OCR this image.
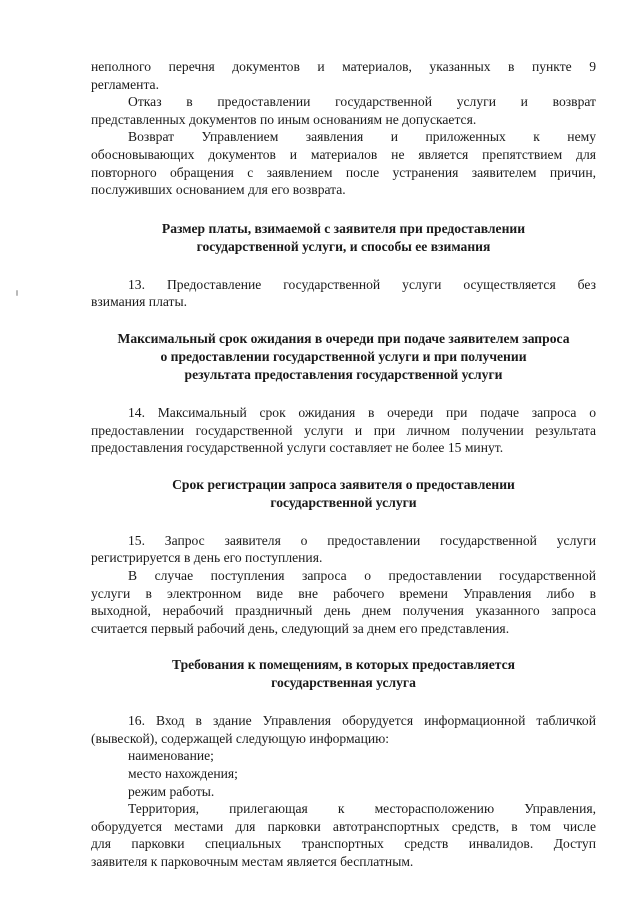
неполного перечня документов и материалов, указанных в пункте 9

регламента.

Отказ в предоставлении государственной услуги и возврат

представленных документов по иным основаниям не допускается.

Возврат Управлением заявления и приложенных к нему

обосновывающих документов и материалов не является препятствием для

повторного обращения с заявлением после устранения заявителем причин,

послуживших основанием для его возврата.

Размер платы, взимаемой с заявителя при предоставлении
государственной услуги, и способы ее взимания

13. Предоставление государственной услуги осуществляется без

взимания платы.

Максимальный срок ожидания в очереди при подаче заявителем запроса
о предоставлении государственной услуги и при получении
результата предоставления государственной услуги

14. Максимальный срок ожидания в очереди при подаче запроса о

предоставлении государственной услуги и при личном получении результата

предоставления государственной услуги составляет не более 15 минут.

Срок регистрации запроса заявителя о предоставлении
государственной услуги

15. Запрос заявителя о предоставлении государственной услуги

регистрируется в день его поступления.

В случае поступления запроса о предоставлении государственной

услуги в электронном виде вне рабочего времени Управления либо в

выходной, нерабочий праздничный день днем получения указанного запроса

считается первый рабочий день, следующий за днем его представления.

Требования к помещениям, в которых предоставляется
государственная услуга

16. Вход в здание Управления оборудуется информационной табличкой

(вывеской), содержащей следующую информацию:

наименование;

место нахождения;

режим работы.

Территория, прилегающая к месторасположению Управления,

оборудуется местами для парковки автотранспортных средств, в том числе

для парковки специальных транспортных средств инвалидов. Доступ

заявителя к парковочным местам является бесплатным.
